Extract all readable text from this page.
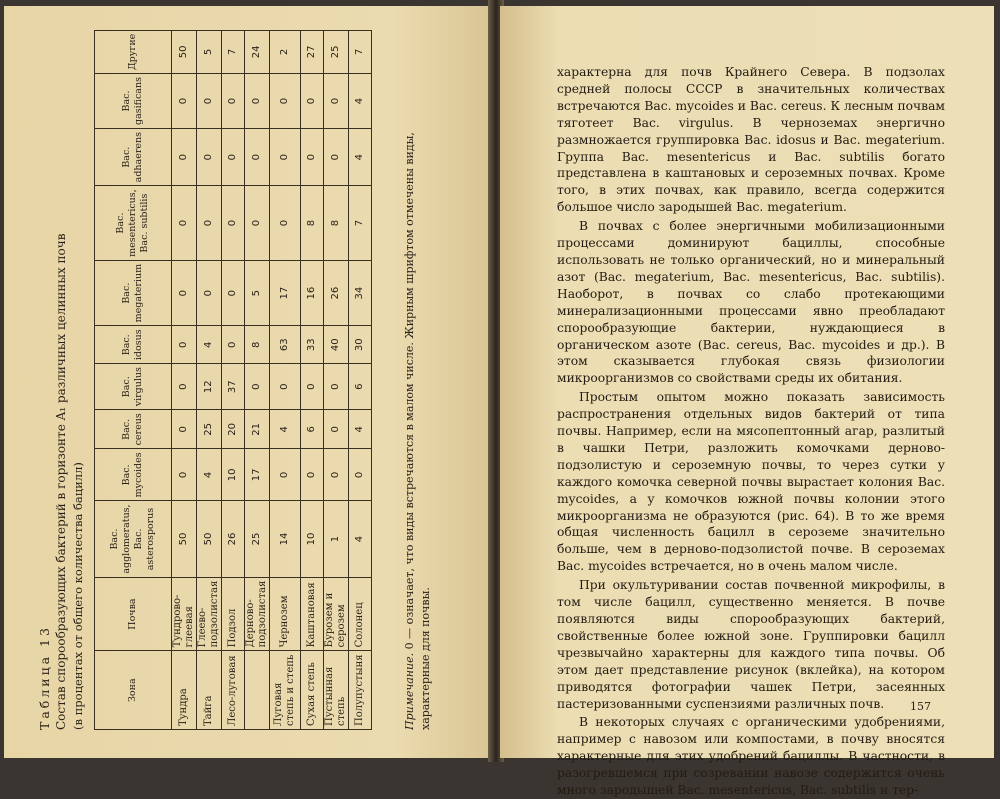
Таблица 13 Состав спорообразующих бактерий в горизонте A₁ различных целинных почв (в процентах от общего количества бацилл)	Зона	Почва	Bac. agglomeratus, Bac. asterosporus	Bac. mycoides	Bac. cereus	Bac. virgulus	Bac. idosus	Bac. megaterium	Bac. mesentericus, Bac. subtilis	Bac. adhaerens	Bac. gasificans	Другие
Тундра	Тундрово-глеевая	50	0	0	0	0	0	0	0	0	50
Тайга	Глеево-подзолистая	50	4	25	12	4	0	0	0	0	5
Лесо-луговая	Подзол	26	10	20	37	0	0	0	0	0	7
	Дерново-подзолистая	25	17	21	0	8	5	0	0	0	24
Луговая степь и степь	Чернозем	14	0	4	0	63	17	0	0	0	2
Сухая степь	Каштановая	10	0	6	0	33	16	8	0	0	27
Пустынная степь	Бурозем и серозем	1	0	0	0	40	26	8	0	0	25
Полупустыня	Солонец	4	0	4	6	30	34	7	4	4	7
Примечание. 0 — означает, что виды встречаются в малом числе. Жирным шрифтом отмечены виды, характерные для почвы.

характерна для почв Крайнего Севера. В подзолах средней полосы СССР в значительных количествах встречаются Bac. mycoides и Bac. cereus. К лесным почвам тяготеет Bac. virgulus. В черноземах энергично размножается группировка Bac. idosus и Bac. megaterium. Группа Bac. mesentericus и Bac. subtilis богато представлена в каштановых и сероземных почвах. Кроме того, в этих почвах, как правило, всегда содержится большое число зародышей Bac. megaterium.

В почвах с более энергичными мобилизационными процессами доминируют бациллы, способные использовать не только органический, но и минеральный азот (Bac. megaterium, Bac. mesentericus, Bac. subtilis). Наоборот, в почвах со слабо протекающими минерализационными процессами явно преобладают спорообразующие бактерии, нуждающиеся в органическом азоте (Bac. cereus, Bac. mycoides и др.). В этом сказывается глубокая связь физиологии микроорганизмов со свойствами среды их обитания.

Простым опытом можно показать зависимость распространения отдельных видов бактерий от типа почвы. Например, если на мясопептонный агар, разлитый в чашки Петри, разложить комочками дерново-подзолистую и сероземную почвы, то через сутки у каждого комочка северной почвы вырастает колония Bac. mycoides, а у комочков южной почвы колонии этого микроорганизма не образуются (рис. 64). В то же время общая численность бацилл в сероземе значительно больше, чем в дерново-подзолистой почве. В сероземах Bac. mycoides встречается, но в очень малом числе.

При окультуривании состав почвенной микрофилы, в том числе бацилл, существенно меняется. В почве появляются виды спорообразующих бактерий, свойственные более южной зоне. Группировки бацилл чрезвычайно характерны для каждого типа почвы. Об этом дает представление рисунок (вклейка), на котором приводятся фотографии чашек Петри, засеянных пастеризованными суспензиями различных почв.

В некоторых случаях с органическими удобрениями, например с навозом или компостами, в почву вносятся характерные для этих удобрений бациллы. В частности, в разогревшемся при созревании навозе содержится очень много зародышей Bac. mesentericus, Bac. subtilis и тер-

157
